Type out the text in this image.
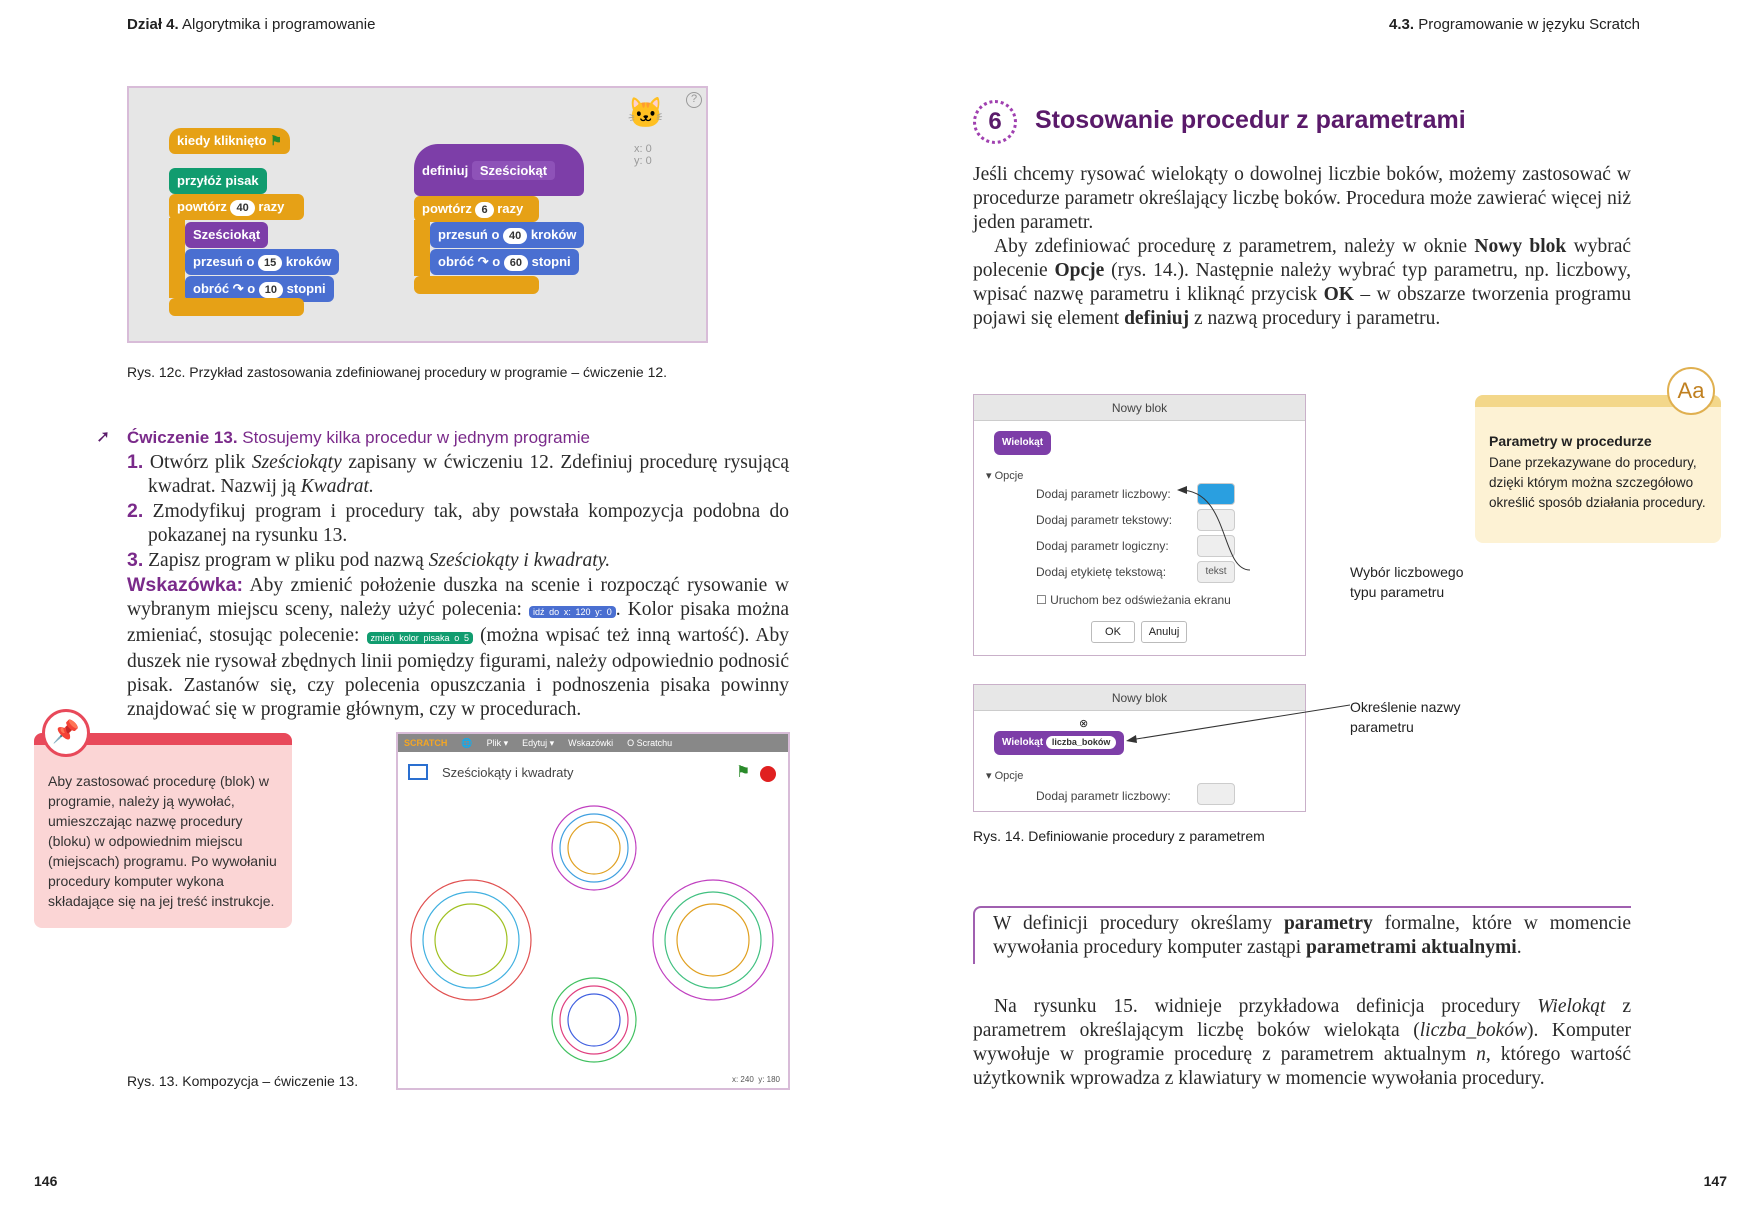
Dział 4. Algorytmika i programowanie	4.3. Programowanie w języku Scratch
kiedy kliknięto ⚑
przyłóż pisak
powtórz 40 razy
Sześciokąt
przesuń o 15 kroków
obróć ↷ o 10 stopni
definiuj Sześciokąt
powtórz 6 razy
przesuń o 40 kroków
obróć ↷ o 60 stopni
🐱
x: 0
y: 0
?
Rys. 12c. Przykład zastosowania zdefiniowanej procedury w programie – ćwiczenie 12.
➚ Ćwiczenie 13. Stosujemy kilka procedur w jednym programie
1. Otwórz plik Sześciokąty zapisany w ćwiczeniu 12. Zdefiniuj procedurę rysującą kwadrat. Nazwij ją Kwadrat.
2. Zmodyfikuj program i procedury tak, aby powstała kompozycja podobna do pokazanej na rysunku 13.
3. Zapisz program w pliku pod nazwą Sześciokąty i kwadraty.
Wskazówka: Aby zmienić położenie duszka na scenie i rozpocząć rysowanie w wybranym miejscu sceny, należy użyć polecenia: idź do x: 120 y: 0 . Kolor pisaka można zmieniać, stosując polecenie: zmień kolor pisaka o 5 (można wpisać też inną wartość). Aby duszek nie rysował zbędnych linii pomiędzy figurami, należy odpowiednio podnosić pisak. Zastanów się, czy polecenia opuszczania i podnoszenia pisaka powinny znajdować się w programie głównym, czy w procedurach.
📌
Aby zastosować procedurę (blok) w programie, należy ją wywołać, umieszczając nazwę procedury (bloku) w odpowiednim miejscu (miejscach) programu. Po wywołaniu procedury komputer wykona składające się na jej treść instrukcje.
SCRATCH 🌐 Plik ▾ Edytuj ▾ Wskazówki O Scratchu
Sześciokąty i kwadraty	⚑
x: 240  y: 180
Rys. 13. Kompozycja – ćwiczenie 13.
6	Stosowanie procedur z parametrami
Jeśli chcemy rysować wielokąty o dowolnej liczbie boków, możemy zastosować w procedurze parametr określający liczbę boków. Procedura może zawierać więcej niż jeden parametr.
Aby zdefiniować procedurę z parametrem, należy w oknie Nowy blok wybrać polecenie Opcje (rys. 14.). Następnie należy wybrać typ parametru, np. liczbowy, wpisać nazwę parametru i kliknąć przycisk OK – w obszarze tworzenia programu pojawi się element definiuj z nazwą procedury i parametru.
Nowy blok
Wielokąt
▾ Opcje
Dodaj parametr liczbowy:
Dodaj parametr tekstowy:
Dodaj parametr logiczny:
Dodaj etykietę tekstową:	tekst
☐ Uruchom bez odświeżania ekranu
OK	Anuluj
Nowy blok
⊗
Wielokąt liczba_boków
▾ Opcje
Dodaj parametr liczbowy:
Wybór liczbowego typu parametru
Określenie nazwy parametru
Rys. 14. Definiowanie procedury z parametrem
Aa
Parametry w procedurze
Dane przekazywane do procedury, dzięki którym można szczegółowo określić sposób działania procedury.
W definicji procedury określamy parametry formalne, które w momencie wywołania procedury komputer zastąpi parametrami aktualnymi.
Na rysunku 15. widnieje przykładowa definicja procedury Wielokąt z parametrem określającym liczbę boków wielokąta (liczba_boków). Komputer wywołuje w programie procedurę z parametrem aktualnym n, którego wartość użytkownik wprowadza z klawiatury w momencie wywołania procedury.
146	147
